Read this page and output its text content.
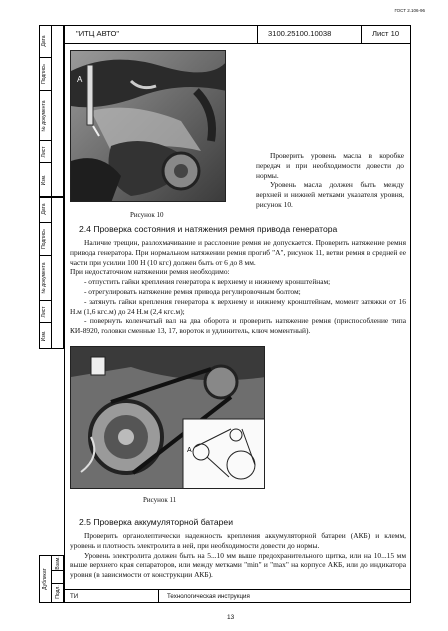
ГОСТ 2.106-96
Дата
Подпись
№ документа
Лист
Изм.
Дата
Подпись
№ документа
Лист
Изм.
Дубликат
Взам.
Подл.
"ИТЦ АВТО"	3100.25100.10038	Лист 10
А
Рисунок 10

Проверить уровень масла в коробке передач и при необходимости довести до нормы.

Уровень масла должен быть между верхней и нижней метками указателя уровня, рисунок 10.

2.4 Проверка состояния и натяжения ремня привода генератора

Наличие трещин, разлохмачивание и расслоение ремня не допускается. Проверить натяжение ремня привода генератора. При нормальном натяжении ремня прогиб "А", рисунок 11, ветви ремня в средней ее части при усилии 100 Н (10 кгс) должен быть от 6 до 8 мм.

При недостаточном натяжении ремня необходимо:

- отпустить гайки крепления генератора к верхнему и нижнему кронштейнам;

- отрегулировать натяжение ремня привода регулировочным болтом;

- затянуть гайки крепления генератора к верхнему и нижнему кронштейнам, момент затяжки от 16 Н.м (1,6 кгс.м) до 24 Н.м (2,4 кгс.м);

- повернуть коленчатый вал на два оборота и проверить натяжение ремня (приспособление типа КИ-8920, головки сменные 13, 17, вороток и удлинитель, ключ моментный).

А
Рисунок 11
2.5 Проверка аккумуляторной батареи

Проверить органолептически надежность крепления аккумуляторной батареи (АКБ) и клемм, уровень и плотность электролита в ней, при необходимости довести до нормы.

Уровень электролита должен быть на 5...10 мм выше предохранительного щитка, или на 10...15 мм выше верхнего края сепараторов, или между метками "min" и "max" на корпусе АКБ, или до индикатора уровня (в зависимости от конструкции АКБ).

ТИ	Технологическая инструкция
13
